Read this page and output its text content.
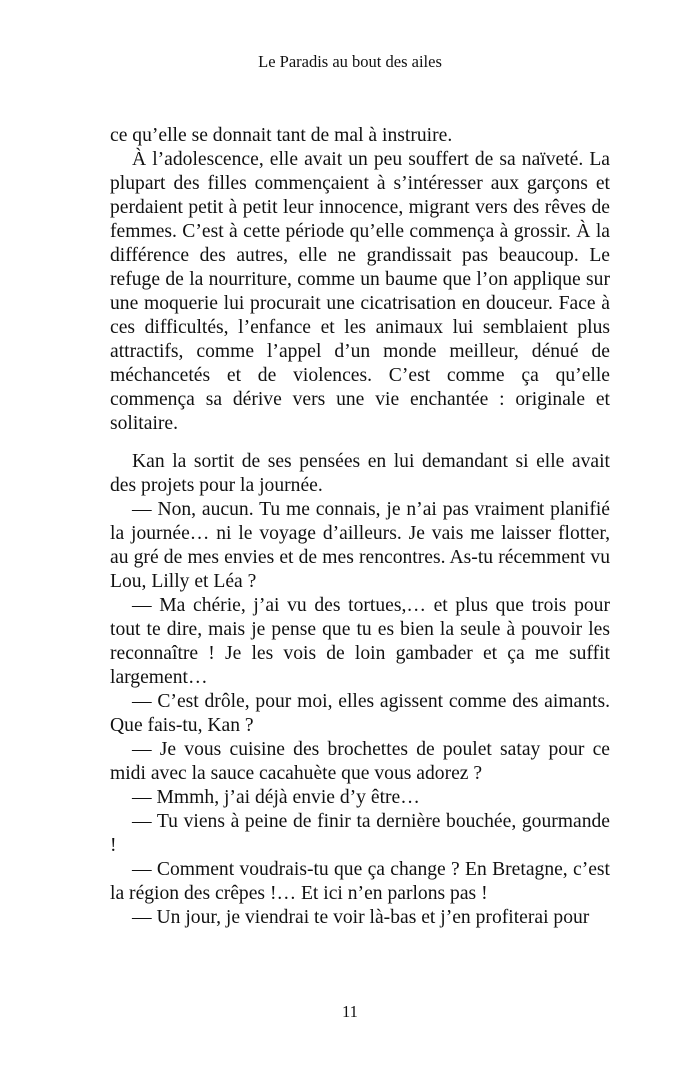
Le Paradis au bout des ailes

ce qu’elle se donnait tant de mal à instruire.

À l’adolescence, elle avait un peu souffert de sa naïveté. La plupart des filles commençaient à s’intéresser aux garçons et perdaient petit à petit leur innocence, migrant vers des rêves de femmes. C’est à cette période qu’elle commença à grossir. À la différence des autres, elle ne grandissait pas beaucoup. Le refuge de la nourriture, comme un baume que l’on applique sur une moquerie lui procurait une cicatrisation en douceur. Face à ces difficultés, l’enfance et les animaux lui semblaient plus attractifs, comme l’appel d’un monde meilleur, dénué de méchancetés et de violences. C’est comme ça qu’elle commença sa dérive vers une vie enchantée : originale et solitaire.

Kan la sortit de ses pensées en lui demandant si elle avait des projets pour la journée.

— Non, aucun. Tu me connais, je n’ai pas vraiment planifié la journée… ni le voyage d’ailleurs. Je vais me laisser flotter, au gré de mes envies et de mes rencontres. As-tu récemment vu Lou, Lilly et Léa ?

— Ma chérie, j’ai vu des tortues,… et plus que trois pour tout te dire, mais je pense que tu es bien la seule à pouvoir les reconnaître ! Je les vois de loin gambader et ça me suffit largement…

— C’est drôle, pour moi, elles agissent comme des aimants. Que fais-tu, Kan ?

— Je vous cuisine des brochettes de poulet satay pour ce midi avec la sauce cacahuète que vous adorez ?

— Mmmh, j’ai déjà envie d’y être…

— Tu viens à peine de finir ta dernière bouchée, gourmande !

— Comment voudrais-tu que ça change ? En Bretagne, c’est la région des crêpes !… Et ici n’en parlons pas !

— Un jour, je viendrai te voir là-bas et j’en profiterai pour

11
